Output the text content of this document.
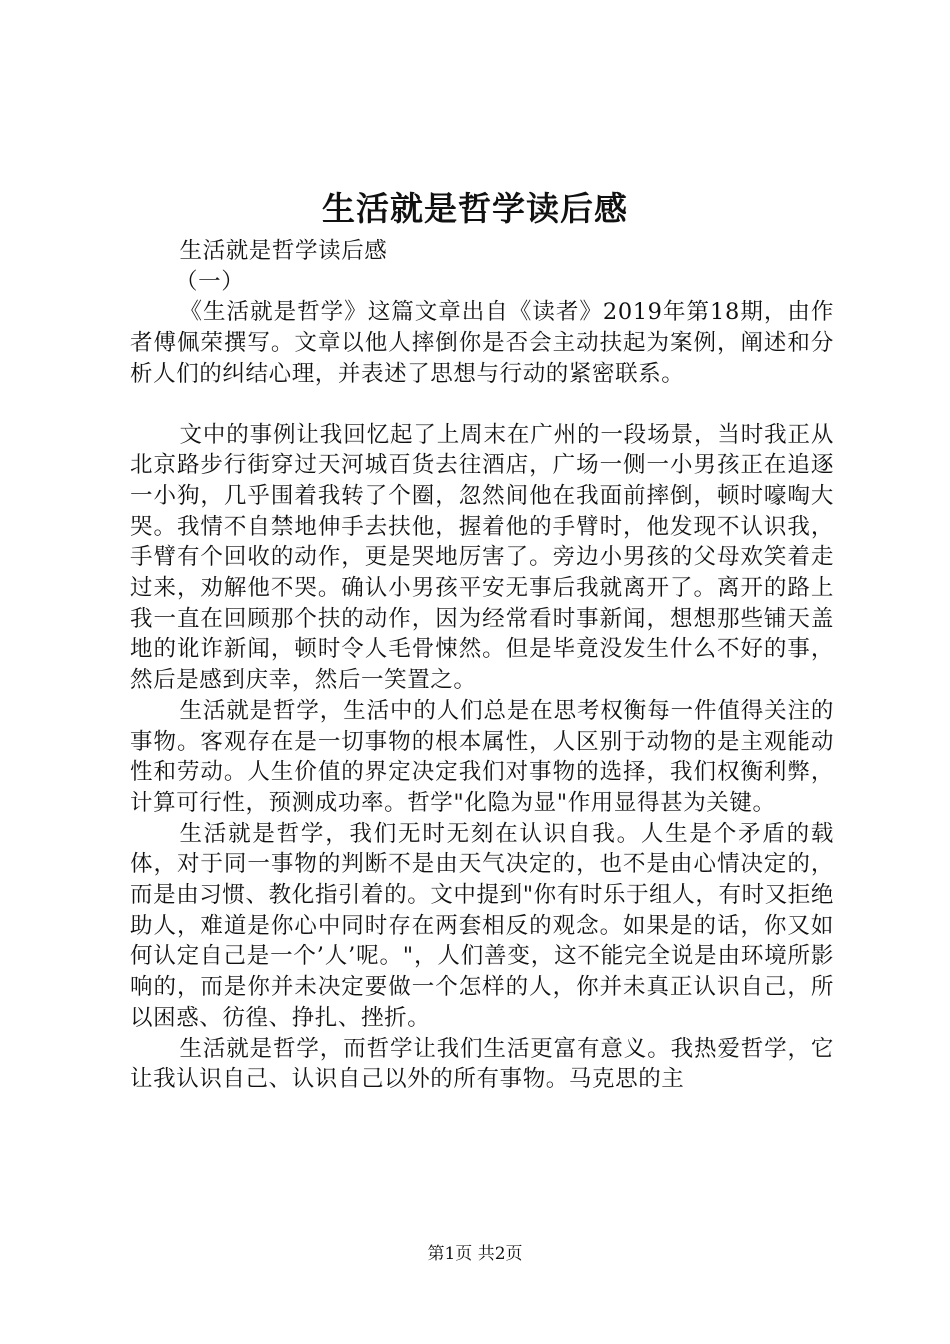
生活就是哲学读后感

生活就是哲学读后感

（一）

《生活就是哲学》这篇文章出自《读者》2019年第18期，由作者傅佩荣撰写。文章以他人摔倒你是否会主动扶起为案例，阐述和分析人们的纠结心理，并表述了思想与行动的紧密联系。

文中的事例让我回忆起了上周末在广州的一段场景，当时我正从北京路步行街穿过天河城百货去往酒店，广场一侧一小男孩正在追逐一小狗，几乎围着我转了个圈，忽然间他在我面前摔倒，顿时嚎啕大哭。我情不自禁地伸手去扶他，握着他的手臂时，他发现不认识我，手臂有个回收的动作，更是哭地厉害了。旁边小男孩的父母欢笑着走过来，劝解他不哭。确认小男孩平安无事后我就离开了。离开的路上我一直在回顾那个扶的动作，因为经常看时事新闻，想想那些铺天盖地的讹诈新闻，顿时令人毛骨悚然。但是毕竟没发生什么不好的事，然后是感到庆幸，然后一笑置之。

生活就是哲学，生活中的人们总是在思考权衡每一件值得关注的事物。客观存在是一切事物的根本属性，人区别于动物的是主观能动性和劳动。人生价值的界定决定我们对事物的选择，我们权衡利弊，计算可行性，预测成功率。哲学"化隐为显"作用显得甚为关键。

生活就是哲学，我们无时无刻在认识自我。人生是个矛盾的载体，对于同一事物的判断不是由天气决定的，也不是由心情决定的，而是由习惯、教化指引着的。文中提到"你有时乐于组人，有时又拒绝助人，难道是你心中同时存在两套相反的观念。如果是的话，你又如何认定自己是一个’人’呢。"，人们善变，这不能完全说是由环境所影响的，而是你并未决定要做一个怎样的人，你并未真正认识自己，所以困惑、彷徨、挣扎、挫折。

生活就是哲学，而哲学让我们生活更富有意义。我热爱哲学，它让我认识自己、认识自己以外的所有事物。马克思的主

第1页 共2页
